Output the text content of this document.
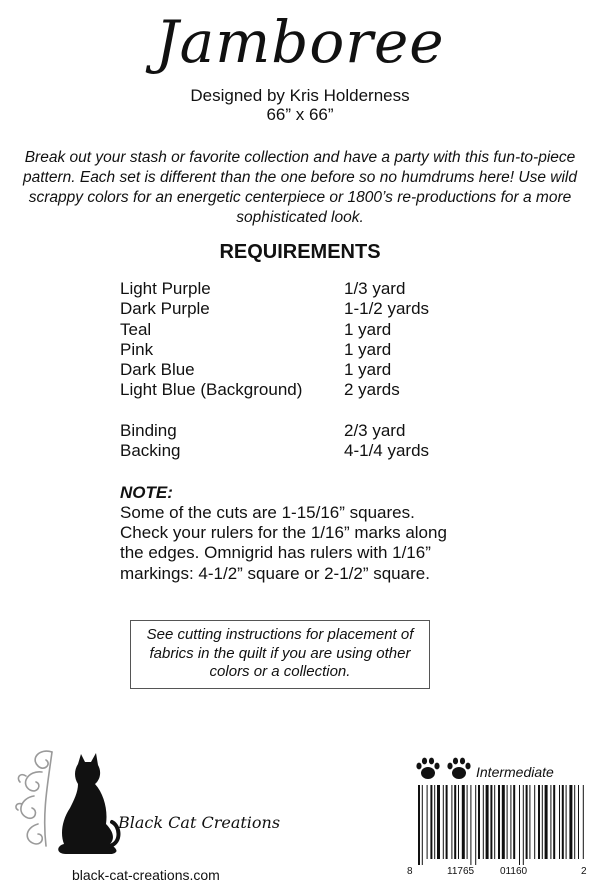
Jamboree
Designed by Kris Holderness
66” x 66”
Break out your stash or favorite collection and have a party with this fun-to-piece pattern. Each set is different than the one before so no humdrums here! Use wild scrappy colors for an energetic centerpiece or 1800’s re-productions for a more sophisticated look.
REQUIREMENTS
Light Purple	1/3 yard
Dark Purple	1-1/2 yards
Teal	1 yard
Pink	1 yard
Dark Blue	1 yard
Light Blue (Background)	2 yards
Binding	2/3 yard
Backing	4-1/4 yards
NOTE:
Some of the cuts are 1-15/16” squares. Check your rulers for the 1/16” marks along the edges. Omnigrid has rulers with 1/16” markings: 4-1/2” square or 2-1/2” square.
See cutting instructions for placement of fabrics in the quilt if you are using other colors or a collection.
Black Cat Creations
black-cat-creations.com
Intermediate
8	11765	01160	2
